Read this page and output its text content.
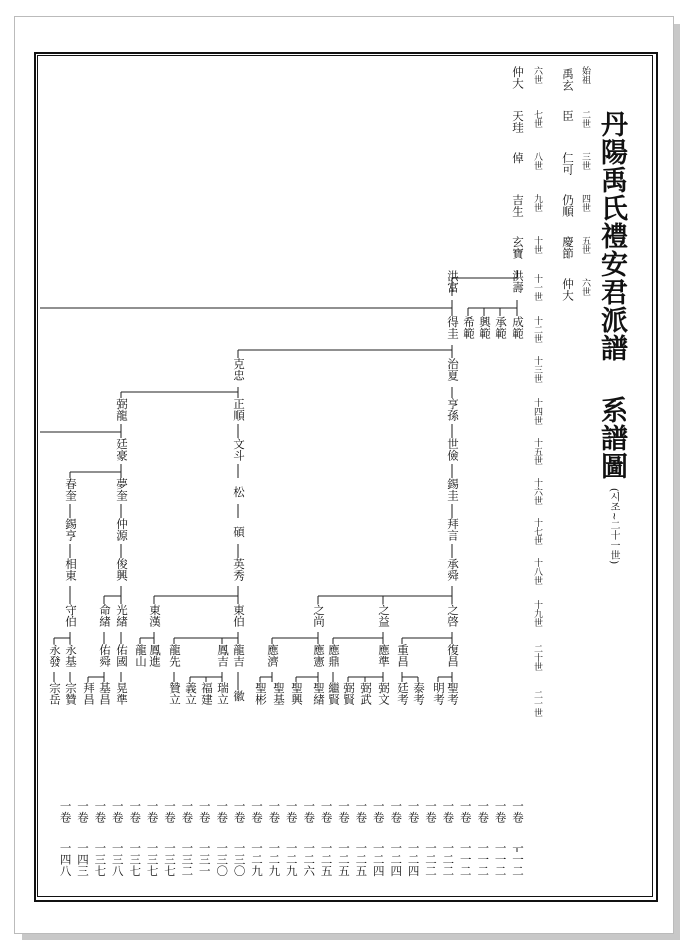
丹陽禹氏禮安君派譜
系譜圖
(시조~二十一世)
始祖
禹玄
二世
臣
三世
仁可
四世
仍順
五世
慶節
六世
仲大
六世
仲大
七世
天珪
八世
倬
九世
吉生
十世
玄寶
十一世
十二世
十三世
十四世
十五世
十六世
十七世
十八世
十九世
二十世
二一世
洪壽
洪富
成範
承範
興範
希範
得圭
治夏
克忠
亨孫
正順
弼龍
世儉
文斗
廷豪
錫圭
松
夢奎
春奎
拜言
碩
仲源
錫亨
承舜
英秀
俊興
相東
之啓
之益
之尚
東伯
東漢
光緖
命緖
守伯
復昌
重昌
應準
應鼎
應憲
應濟
龍吉
鳳吉
龍先
鳳進
龍山
佑國
佑舜
永基
永發
聖考
明考
泰考
廷考
弼文
弼武
弼賢
繼賢
聖緖
聖興
聖基
聖彬
徽
瑞立
福建
義立
贊立
晃準
基昌
拜昌
宗贊
宗岳
一卷
一一二
一卷
一一二
一卷
一一二
一卷
一一二
一卷
一二二
一卷
一二二
一卷
一二四
一卷
一二四
一卷
一二四
一卷
一二五
一卷
一二五
一卷
一二五
一卷
一二六
一卷
一二九
一卷
一二九
一卷
一二九
一卷
一三〇
一卷
一三〇
一卷
一三一
一卷
一三二
一卷
一三七
一卷
一三七
一卷
一三七
一卷
一三八
一卷
一三七
一卷
一四三
一卷
一四八
